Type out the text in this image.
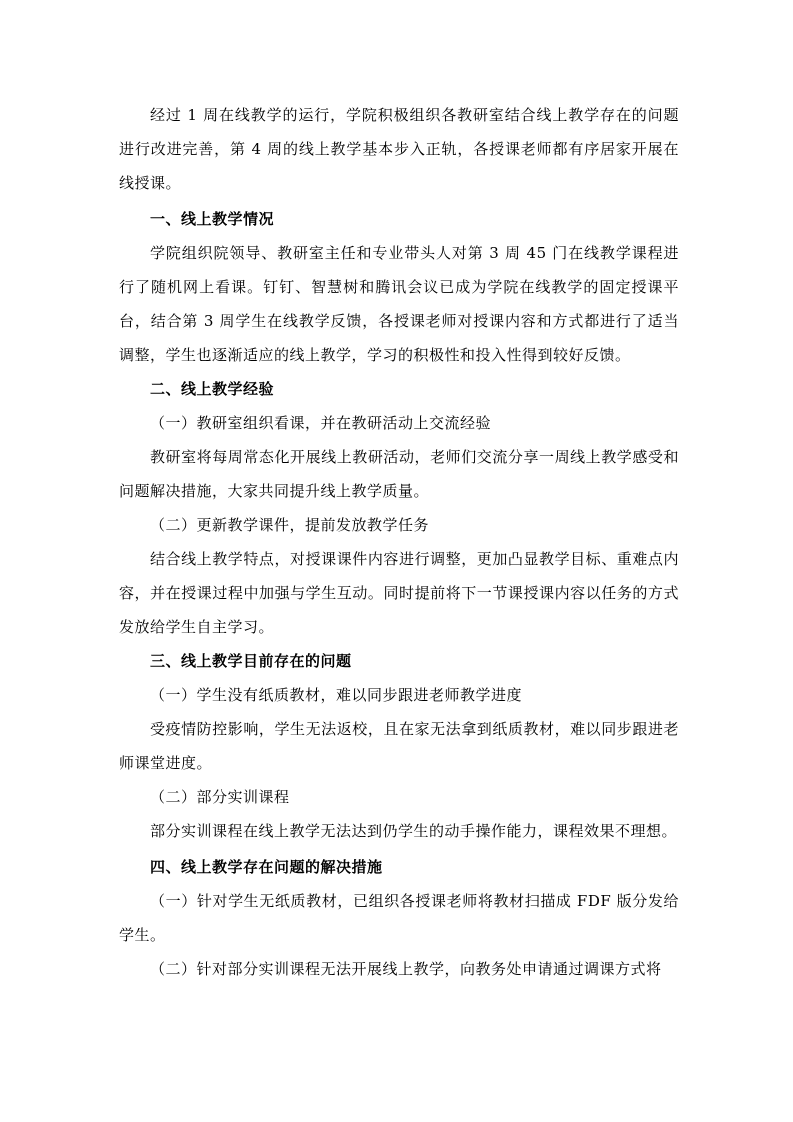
经过 1 周在线教学的运行，学院积极组织各教研室结合线上教学存在的问题进行改进完善，第 4 周的线上教学基本步入正轨，各授课老师都有序居家开展在线授课。

一、线上教学情况

学院组织院领导、教研室主任和专业带头人对第 3 周 45 门在线教学课程进行了随机网上看课。钉钉、智慧树和腾讯会议已成为学院在线教学的固定授课平台，结合第 3 周学生在线教学反馈，各授课老师对授课内容和方式都进行了适当调整，学生也逐渐适应的线上教学，学习的积极性和投入性得到较好反馈。

二、线上教学经验

（一）教研室组织看课，并在教研活动上交流经验

教研室将每周常态化开展线上教研活动，老师们交流分享一周线上教学感受和问题解决措施，大家共同提升线上教学质量。

（二）更新教学课件，提前发放教学任务

结合线上教学特点，对授课课件内容进行调整，更加凸显教学目标、重难点内容，并在授课过程中加强与学生互动。同时提前将下一节课授课内容以任务的方式发放给学生自主学习。

三、线上教学目前存在的问题

（一）学生没有纸质教材，难以同步跟进老师教学进度

受疫情防控影响，学生无法返校，且在家无法拿到纸质教材，难以同步跟进老师课堂进度。

（二）部分实训课程

部分实训课程在线上教学无法达到仍学生的动手操作能力，课程效果不理想。

四、线上教学存在问题的解决措施

（一）针对学生无纸质教材，已组织各授课老师将教材扫描成 FDF 版分发给学生。

（二）针对部分实训课程无法开展线上教学，向教务处申请通过调课方式将
